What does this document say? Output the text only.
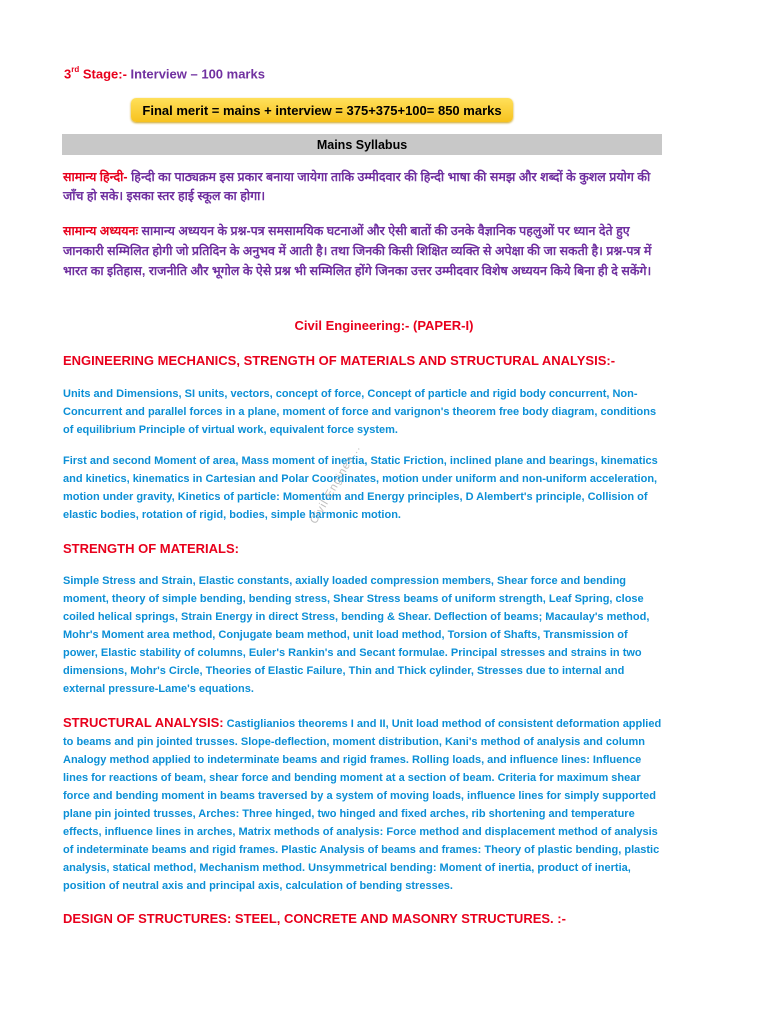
3rd Stage:- Interview – 100 marks
Final merit = mains + interview = 375+375+100= 850 marks
Mains Syllabus
सामान्य हिन्दी- हिन्दी का पाठ्यक्रम इस प्रकार बनाया जायेगा ताकि उम्मीदवार की हिन्दी भाषा की समझ और शब्दों के कुशल प्रयोग की जाँच हो सके। इसका स्तर हाई स्कूल का होगा।
सामान्य अध्ययनः सामान्य अध्ययन के प्रश्न-पत्र समसामयिक घटनाओं और ऐसी बातों की उनके वैज्ञानिक पहलुओं पर ध्यान देते हुए जानकारी सम्मिलित होगी जो प्रतिदिन के अनुभव में आती है। तथा जिनकी किसी शिक्षित व्यक्ति से अपेक्षा की जा सकती है। प्रश्न-पत्र में भारत का इतिहास, राजनीति और भूगोल के ऐसे प्रश्न भी सम्मिलित होंगे जिनका उत्तर उम्मीदवार विशेष अध्ययन किये बिना ही दे सकेंगे।
Civil Engineering:- (PAPER-I)
ENGINEERING MECHANICS, STRENGTH OF MATERIALS AND STRUCTURAL ANALYSIS:-
Units and Dimensions, SI units, vectors, concept of force, Concept of particle and rigid body concurrent, Non-Concurrent and parallel forces in a plane, moment of force and varignon's theorem free body diagram, conditions of equilibrium Principle of virtual work, equivalent force system.
First and second Moment of area, Mass moment of inertia, Static Friction, inclined plane and bearings, kinematics and kinetics, kinematics in Cartesian and Polar Coordinates, motion under uniform and non-uniform acceleration, motion under gravity, Kinetics of particle: Momentum and Energy principles, D Alembert's principle, Collision of elastic bodies, rotation of rigid, bodies, simple harmonic motion.
Civil Enginee...
STRENGTH OF MATERIALS:
Simple Stress and Strain, Elastic constants, axially loaded compression members, Shear force and bending moment, theory of simple bending, bending stress, Shear Stress beams of uniform strength, Leaf Spring, close coiled helical springs, Strain Energy in direct Stress, bending & Shear. Deflection of beams; Macaulay's method, Mohr's Moment area method, Conjugate beam method, unit load method, Torsion of Shafts, Transmission of power, Elastic stability of columns, Euler's Rankin's and Secant formulae. Principal stresses and strains in two dimensions, Mohr's Circle, Theories of Elastic Failure, Thin and Thick cylinder, Stresses due to internal and external pressure-Lame's equations.
STRUCTURAL ANALYSIS: Castiglianios theorems I and II, Unit load method of consistent deformation applied to beams and pin jointed trusses. Slope-deflection, moment distribution, Kani's method of analysis and column Analogy method applied to indeterminate beams and rigid frames. Rolling loads, and influence lines: Influence lines for reactions of beam, shear force and bending moment at a section of beam. Criteria for maximum shear force and bending moment in beams traversed by a system of moving loads, influence lines for simply supported plane pin jointed trusses, Arches: Three hinged, two hinged and fixed arches, rib shortening and temperature effects, influence lines in arches, Matrix methods of analysis: Force method and displacement method of analysis of indeterminate beams and rigid frames. Plastic Analysis of beams and frames: Theory of plastic bending, plastic analysis, statical method, Mechanism method. Unsymmetrical bending: Moment of inertia, product of inertia, position of neutral axis and principal axis, calculation of bending stresses.
DESIGN OF STRUCTURES: STEEL, CONCRETE AND MASONRY STRUCTURES. :-
